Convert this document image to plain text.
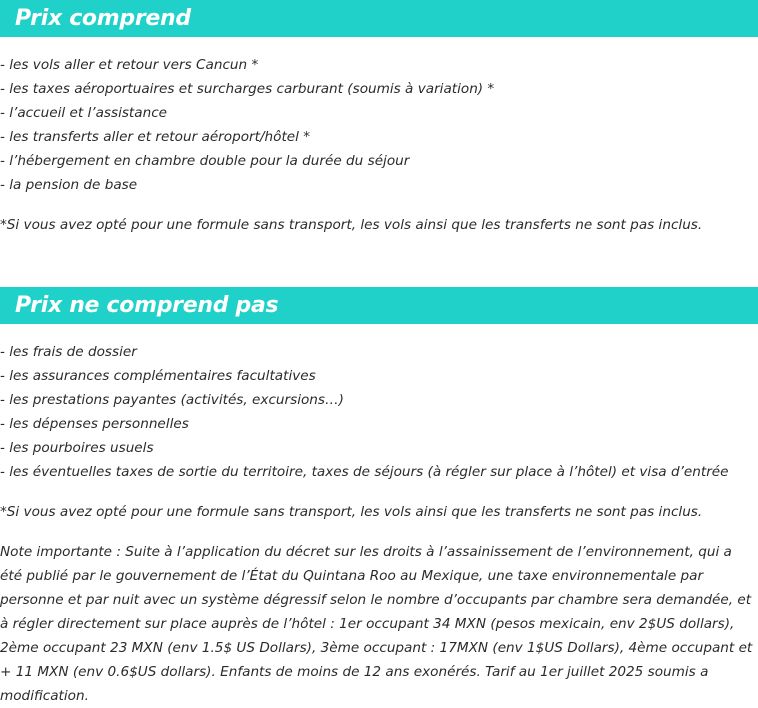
Prix comprend
- les vols aller et retour vers Cancun *
- les taxes aéroportuaires et surcharges carburant (soumis à variation) *
- l’accueil et l’assistance
- les transferts aller et retour aéroport/hôtel *
- l’hébergement en chambre double pour la durée du séjour
- la pension de base

*Si vous avez opté pour une formule sans transport, les vols ainsi que les transferts ne sont pas inclus.

Prix ne comprend pas
- les frais de dossier
- les assurances complémentaires facultatives
- les prestations payantes (activités, excursions…)
- les dépenses personnelles
- les pourboires usuels
- les éventuelles taxes de sortie du territoire, taxes de séjours (à régler sur place à l’hôtel) et visa d’entrée

*Si vous avez opté pour une formule sans transport, les vols ainsi que les transferts ne sont pas inclus.

Note importante : Suite à l’application du décret sur les droits à l’assainissement de l’environnement, qui a été publié par le gouvernement de l’État du Quintana Roo au Mexique, une taxe environnementale par personne et par nuit avec un système dégressif selon le nombre d’occupants par chambre sera demandée, et à régler directement sur place auprès de l’hôtel : 1er occupant 34 MXN (pesos mexicain, env 2$US dollars), 2ème occupant 23 MXN (env 1.5$ US Dollars), 3ème occupant : 17MXN (env 1$US Dollars), 4ème occupant et + 11 MXN (env 0.6$US dollars). Enfants de moins de 12 ans exonérés. Tarif au 1er juillet 2025 soumis a modification.
